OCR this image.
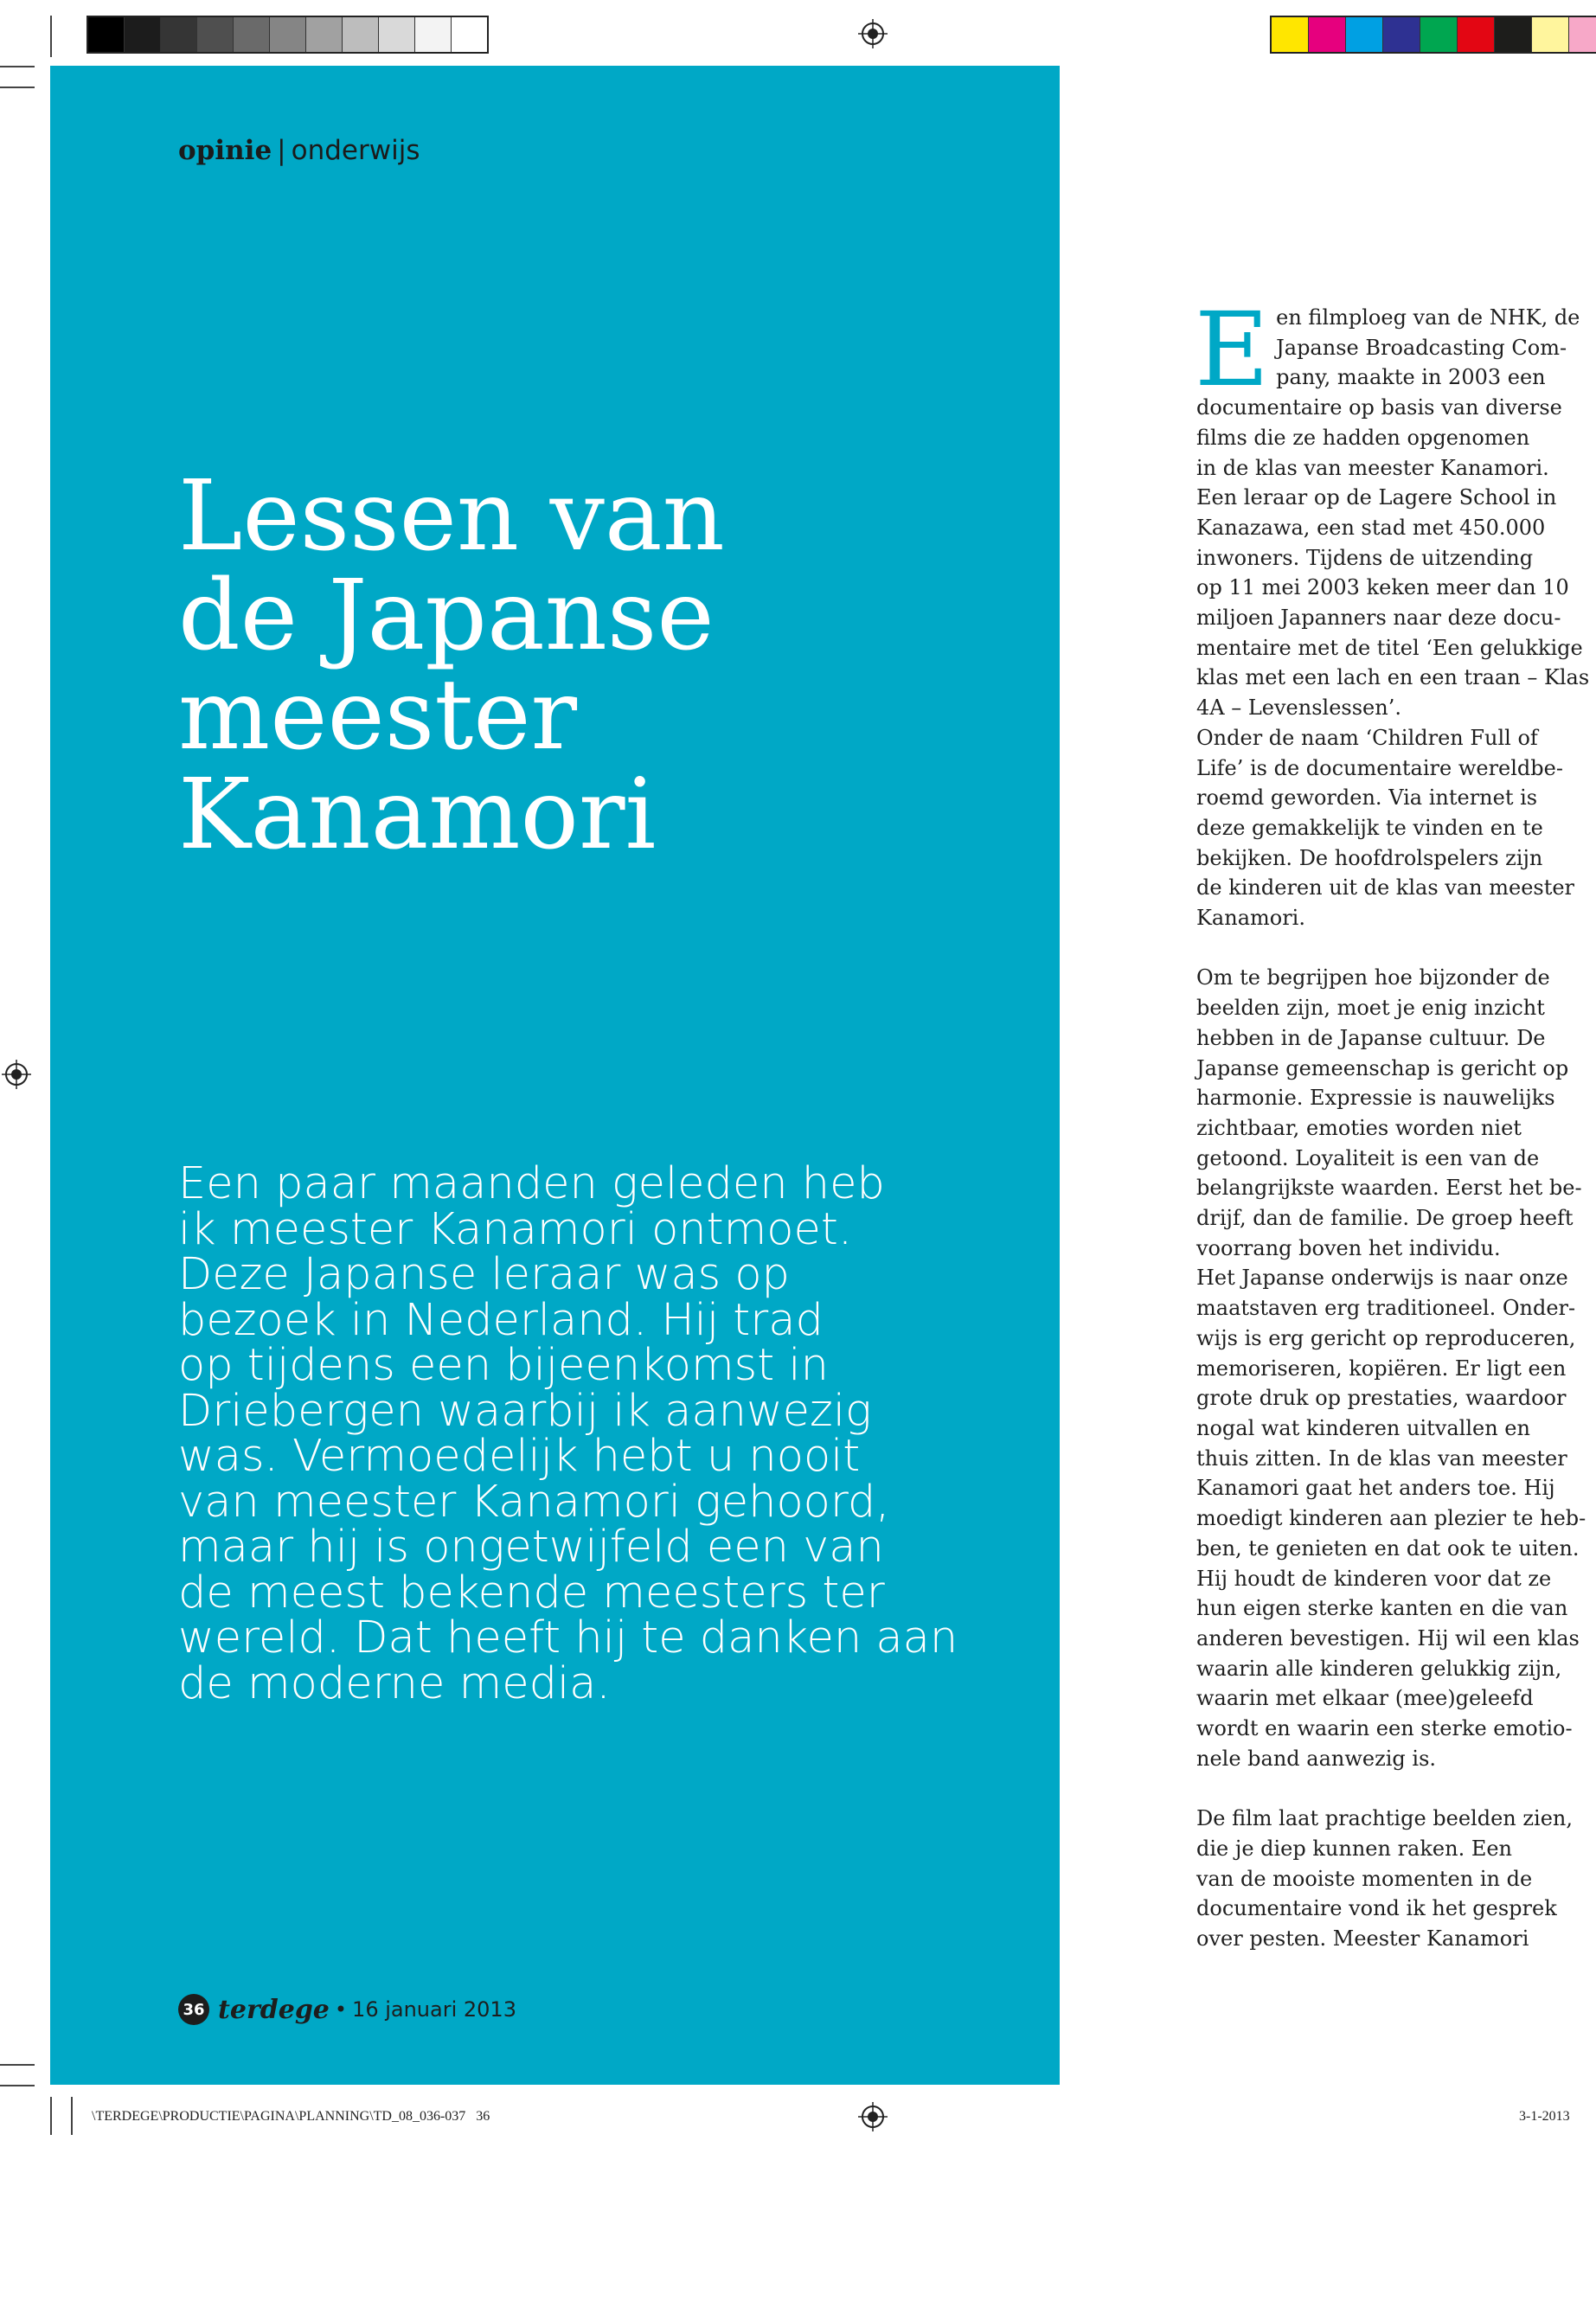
opinie | onderwijs
Lessen van
de Japanse
meester
Kanamori
Een paar maanden geleden heb
ik meester Kanamori ontmoet.
Deze Japanse leraar was op
bezoek in Nederland. Hij trad
op tijdens een bijeenkomst in
Driebergen waarbij ik aanwezig
was. Vermoedelijk hebt u nooit
van meester Kanamori gehoord,
maar hij is ongetwijfeld een van
de meest bekende meesters ter
wereld. Dat heeft hij te danken aan
de moderne media.
36 terdege • 16 januari 2013
E en filmploeg van de NHK, de
Japanse Broadcasting Com-
pany, maakte in 2003 een
documentaire op basis van diverse
films die ze hadden opgenomen
in de klas van meester Kanamori.
Een leraar op de Lagere School in
Kanazawa, een stad met 450.000
inwoners. Tijdens de uitzending
op 11 mei 2003 keken meer dan 10
miljoen Japanners naar deze docu-
mentaire met de titel ‘Een gelukkige
klas met een lach en een traan – Klas
4A – Levenslessen’.
Onder de naam ‘Children Full of
Life’ is de documentaire wereldbe-
roemd geworden. Via internet is
deze gemakkelijk te vinden en te
bekijken. De hoofdrolspelers zijn
de kinderen uit de klas van meester
Kanamori.
Om te begrijpen hoe bijzonder de
beelden zijn, moet je enig inzicht
hebben in de Japanse cultuur. De
Japanse gemeenschap is gericht op
harmonie. Expressie is nauwelijks
zichtbaar, emoties worden niet
getoond. Loyaliteit is een van de
belangrijkste waarden. Eerst het be-
drijf, dan de familie. De groep heeft
voorrang boven het individu.
Het Japanse onderwijs is naar onze
maatstaven erg traditioneel. Onder-
wijs is erg gericht op reproduceren,
memoriseren, kopiëren. Er ligt een
grote druk op prestaties, waardoor
nogal wat kinderen uitvallen en
thuis zitten. In de klas van meester
Kanamori gaat het anders toe. Hij
moedigt kinderen aan plezier te heb-
ben, te genieten en dat ook te uiten.
Hij houdt de kinderen voor dat ze
hun eigen sterke kanten en die van
anderen bevestigen. Hij wil een klas
waarin alle kinderen gelukkig zijn,
waarin met elkaar (mee)geleefd
wordt en waarin een sterke emotio-
nele band aanwezig is.
De film laat prachtige beelden zien,
die je diep kunnen raken. Een
van de mooiste momenten in de
documentaire vond ik het gesprek
over pesten. Meester Kanamori
\TERDEGE\PRODUCTIE\PAGINA\PLANNING\TD_08_036-037 36	3-1-2013
